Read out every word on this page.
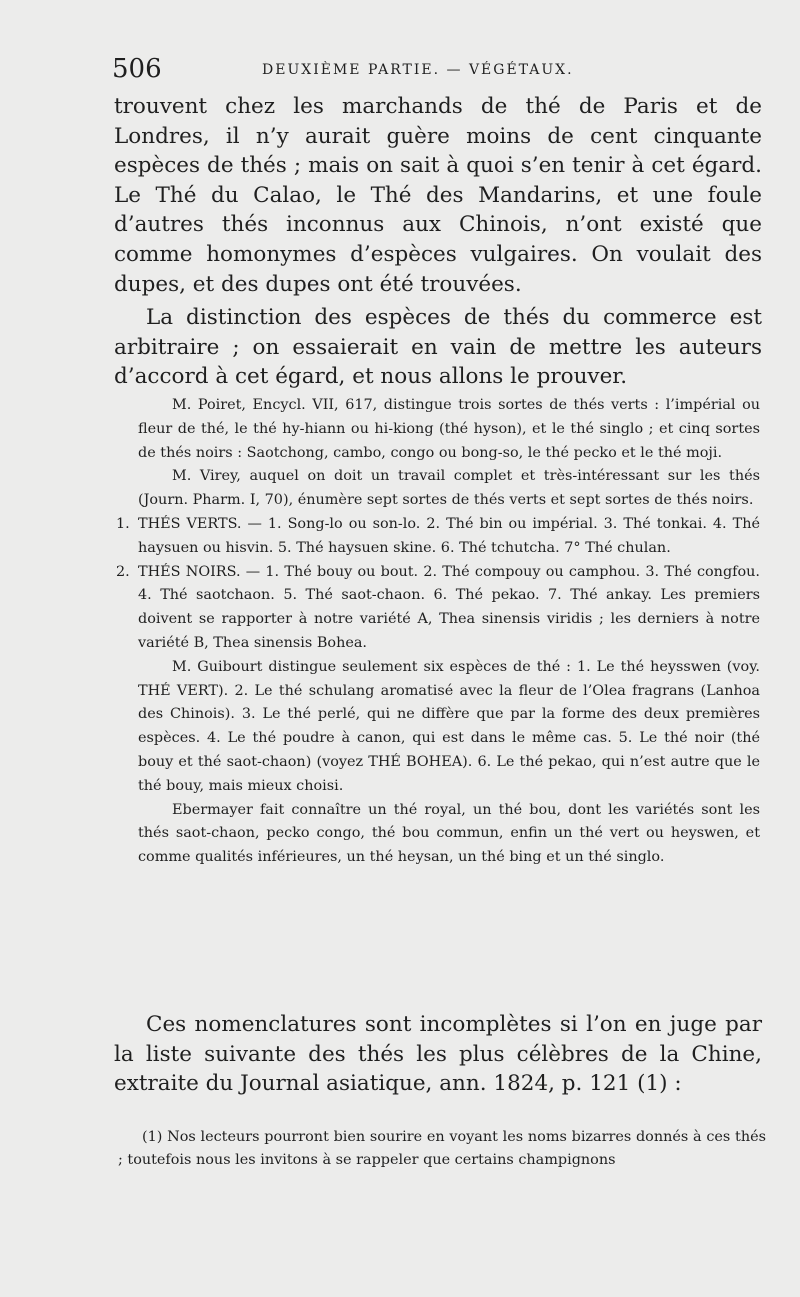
506	DEUXIÈME PARTIE. — VÉGÉTAUX.

trouvent chez les marchands de thé de Paris et de Londres, il n’y aurait guère moins de cent cinquante espèces de thés ; mais on sait à quoi s’en tenir à cet égard. Le Thé du Calao, le Thé des Mandarins, et une foule d’autres thés inconnus aux Chinois, n’ont existé que comme homonymes d’espèces vulgaires. On voulait des dupes, et des dupes ont été trouvées.

La distinction des espèces de thés du commerce est arbitraire ; on essaierait en vain de mettre les auteurs d’accord à cet égard, et nous allons le prouver.

M. Poiret, Encycl. VII, 617, distingue trois sortes de thés verts : l’impérial ou fleur de thé, le thé hy-hiann ou hi-kiong (thé hyson), et le thé singlo ; et cinq sortes de thés noirs : Saotchong, cambo, congo ou bong-so, le thé pecko et le thé moji.

M. Virey, auquel on doit un travail complet et très-intéressant sur les thés (Journ. Pharm. I, 70), énumère sept sortes de thés verts et sept sortes de thés noirs.

1. THÉS VERTS. — 1. Song-lo ou son-lo. 2. Thé bin ou impérial. 3. Thé tonkai. 4. Thé haysuen ou hisvin. 5. Thé haysuen skine. 6. Thé tchutcha. 7° Thé chulan.

2. THÉS NOIRS. — 1. Thé bouy ou bout. 2. Thé compouy ou camphou. 3. Thé congfou. 4. Thé saotchaon. 5. Thé saot-chaon. 6. Thé pekao. 7. Thé ankay. Les premiers doivent se rapporter à notre variété A, Thea sinensis viridis ; les derniers à notre variété B, Thea sinensis Bohea.

M. Guibourt distingue seulement six espèces de thé : 1. Le thé heysswen (voy. THÉ VERT). 2. Le thé schulang aromatisé avec la fleur de l’Olea fragrans (Lanhoa des Chinois). 3. Le thé perlé, qui ne diffère que par la forme des deux premières espèces. 4. Le thé poudre à canon, qui est dans le même cas. 5. Le thé noir (thé bouy et thé saot-chaon) (voyez THÉ BOHEA). 6. Le thé pekao, qui n’est autre que le thé bouy, mais mieux choisi.

Ebermayer fait connaître un thé royal, un thé bou, dont les variétés sont les thés saot-chaon, pecko congo, thé bou commun, enfin un thé vert ou heyswen, et comme qualités inférieures, un thé heysan, un thé bing et un thé singlo.

Ces nomenclatures sont incomplètes si l’on en juge par la liste suivante des thés les plus célèbres de la Chine, extraite du Journal asiatique, ann. 1824, p. 121 (1) :

(1) Nos lecteurs pourront bien sourire en voyant les noms bizarres donnés à ces thés ; toutefois nous les invitons à se rappeler que certains champignons
